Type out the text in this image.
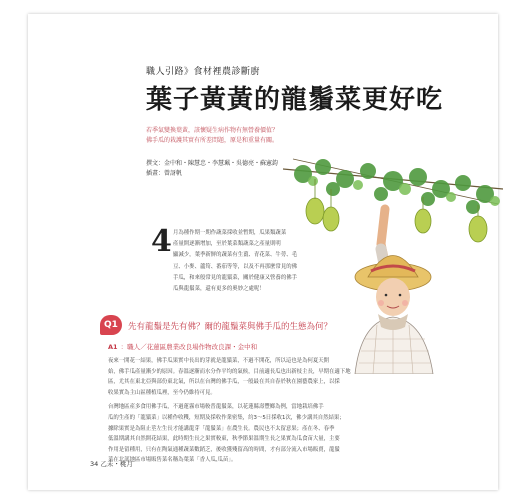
職人引路》食材裡農診斷廚
葉子黃黃的龍鬚菜更好吃
若季氣變換葉黃，該懷疑生病作物有無營養價值？
佛手瓜的栽護其實有所差問題，原是和重量有關。
撰文：金中和・陳慧忠・李慧珮・吳德亮・蘇憲鈞
插畫：曾訝帆
4 月為種作期一期作蔬菜採收並暫期，瓜果類蔬菜
產量開逐漸增加，至於葉菜類蔬菜之產量則明
顯減少，葉季新鮮的蔬菜有生薑、青花菜、牛蒡、毛
豆、小麥、蘆筍、番茄等等，以及不再那麼常見的佛
手瓜，和來般常見的龍鬚菜，關於健康又營養的佛手
瓜與龍鬚菜，還有更多的奧妙之處呢！
Q1	先有龍鬚是先有佛？爾的龍鬚菜與佛手瓜的生態為何？
A1 ：職人／花蓮區農業改良場作物改良課・金中和
夜來一開花一結果，佛手瓜果實中長出的芽就是龍鬚菜，不過不開花，所以這也是為何夏天開
始，佛手瓜產量漸少的原因。春溫逐漸而水分作平均的氣候，目前適長瓜也出新枝主長，早期在適下地
區，尤其在東北亞與部份東北氣，所以在台灣的佛手瓜，一般最在其自春於秋在園藝農家上，以採
收果實為主山區種植瓜裡，至今仍維持可見。
台灣地區產多食用佛手瓜，不過蓮霧市場較普龍鬚菜，以花蓮縣壽豐鄉為例，當地栽培佛手
瓜的生產的「龍鬚菜」以種作收穫，短期及採收作業密集，約3～5日採收1次，佛少講其自然結果；
據除果實是為阻止莖左生長才能講龍芽「龍鬚菜」在農生長。農民也不太留意果；產在冬、春季
低溫期講其自然開花結果，此時期生長之果實較東，秋季節果溫期生長之果實為瓜食苗大量，主要
作用是留種用，只有在陶氣通種蔬菜數銷乏，後收獲殘留高的時間，才有部分流入市場販賣，龍鬚
菜在北部地區市場販售菜名稱為葉菜「香人瓜,瓜苗」。
34 乙未・桃月
